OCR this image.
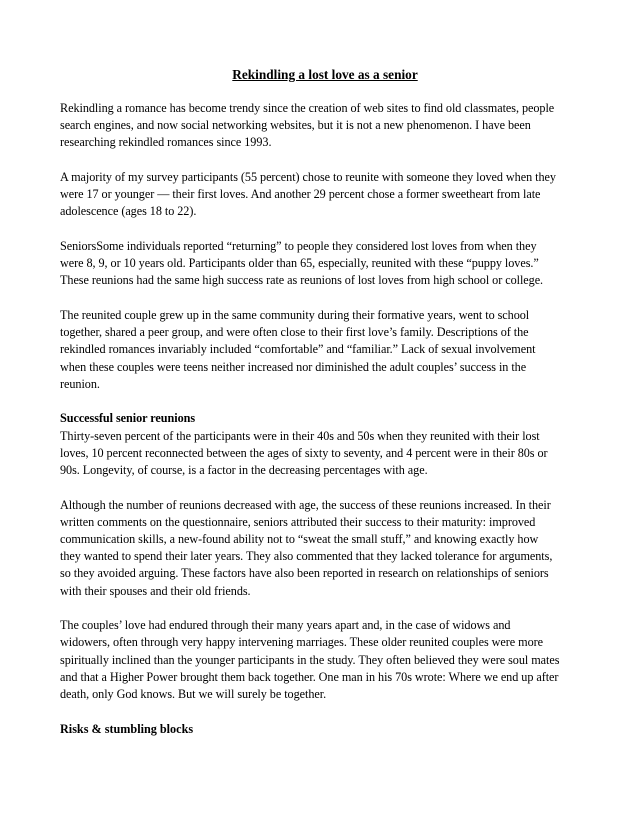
Rekindling a lost love as a senior
Rekindling a romance has become trendy since the creation of web sites to find old classmates, people
search engines, and now social networking websites, but it is not a new phenomenon. I have been
researching rekindled romances since 1993.
A majority of my survey participants (55 percent) chose to reunite with someone they loved when they
were 17 or younger — their first loves. And another 29 percent chose a former sweetheart from late
adolescence (ages 18 to 22).
SeniorsSome individuals reported “returning” to people they considered lost loves from when they
were 8, 9, or 10 years old. Participants older than 65, especially, reunited with these “puppy loves.”
These reunions had the same high success rate as reunions of lost loves from high school or college.
The reunited couple grew up in the same community during their formative years, went to school
together, shared a peer group, and were often close to their first love’s family. Descriptions of the
rekindled romances invariably included “comfortable” and “familiar.” Lack of sexual involvement
when these couples were teens neither increased nor diminished the adult couples’ success in the
reunion.
Successful senior reunions
Thirty-seven percent of the participants were in their 40s and 50s when they reunited with their lost
loves, 10 percent reconnected between the ages of sixty to seventy, and 4 percent were in their 80s or
90s. Longevity, of course, is a factor in the decreasing percentages with age.
Although the number of reunions decreased with age, the success of these reunions increased. In their
written comments on the questionnaire, seniors attributed their success to their maturity: improved
communication skills, a new-found ability not to “sweat the small stuff,” and knowing exactly how
they wanted to spend their later years. They also commented that they lacked tolerance for arguments,
so they avoided arguing. These factors have also been reported in research on relationships of seniors
with their spouses and their old friends.
The couples’ love had endured through their many years apart and, in the case of widows and
widowers, often through very happy intervening marriages. These older reunited couples were more
spiritually inclined than the younger participants in the study. They often believed they were soul mates
and that a Higher Power brought them back together. One man in his 70s wrote: Where we end up after
death, only God knows. But we will surely be together.
Risks & stumbling blocks
